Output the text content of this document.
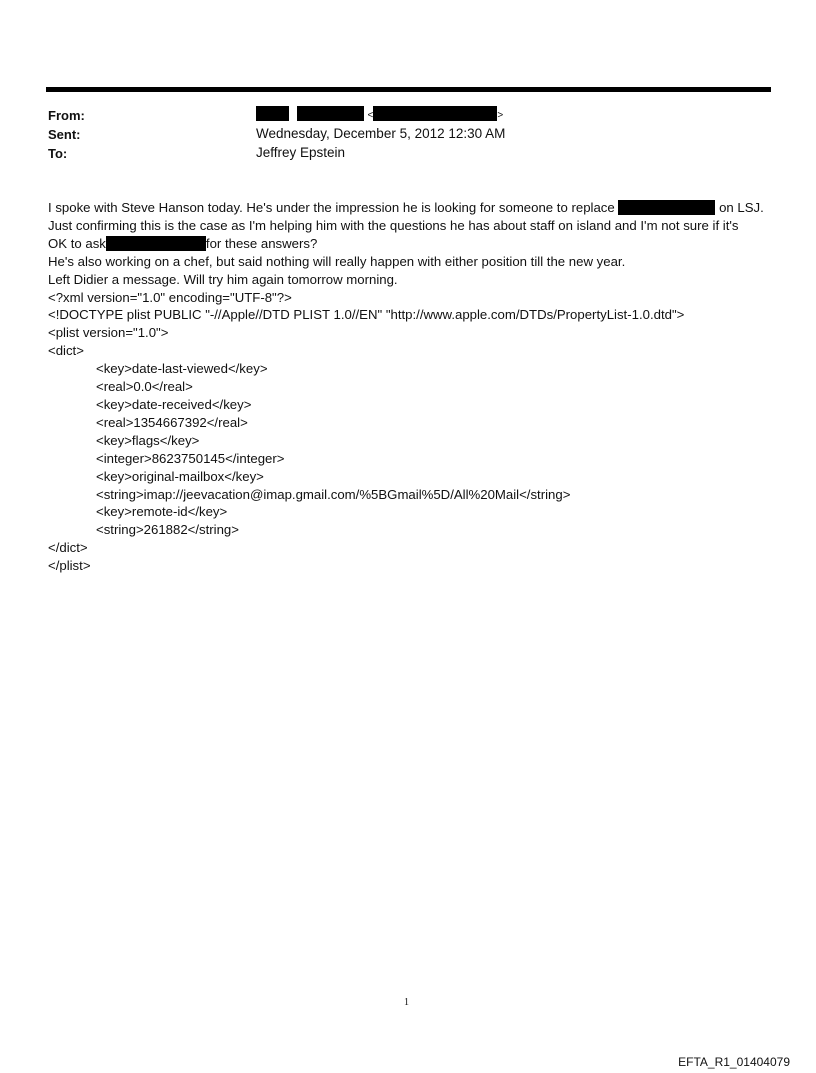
From:	<	>
Sent:	Wednesday, December 5, 2012 12:30 AM
To:	Jeffrey Epstein
I spoke with Steve Hanson today. He's under the impression he is looking for someone to replace	on LSJ.
Just confirming this is the case as I'm helping him with the questions he has about staff on island and I'm not sure if it's
OK to ask	for these answers?
He's also working on a chef, but said nothing will really happen with either position till the new year.
Left Didier a message. Will try him again tomorrow morning.
<?xml version="1.0" encoding="UTF-8"?>
<!DOCTYPE plist PUBLIC "-//Apple//DTD PLIST 1.0//EN" "http://www.apple.com/DTDs/PropertyList-1.0.dtd">
<plist version="1.0">
<dict>
<key>date-last-viewed</key>
<real>0.0</real>
<key>date-received</key>
<real>1354667392</real>
<key>flags</key>
<integer>8623750145</integer>
<key>original-mailbox</key>
<string>imap://jeevacation@imap.gmail.com/%5BGmail%5D/All%20Mail</string>
<key>remote-id</key>
<string>261882</string>
</dict>
</plist>
1
EFTA_R1_01404079
